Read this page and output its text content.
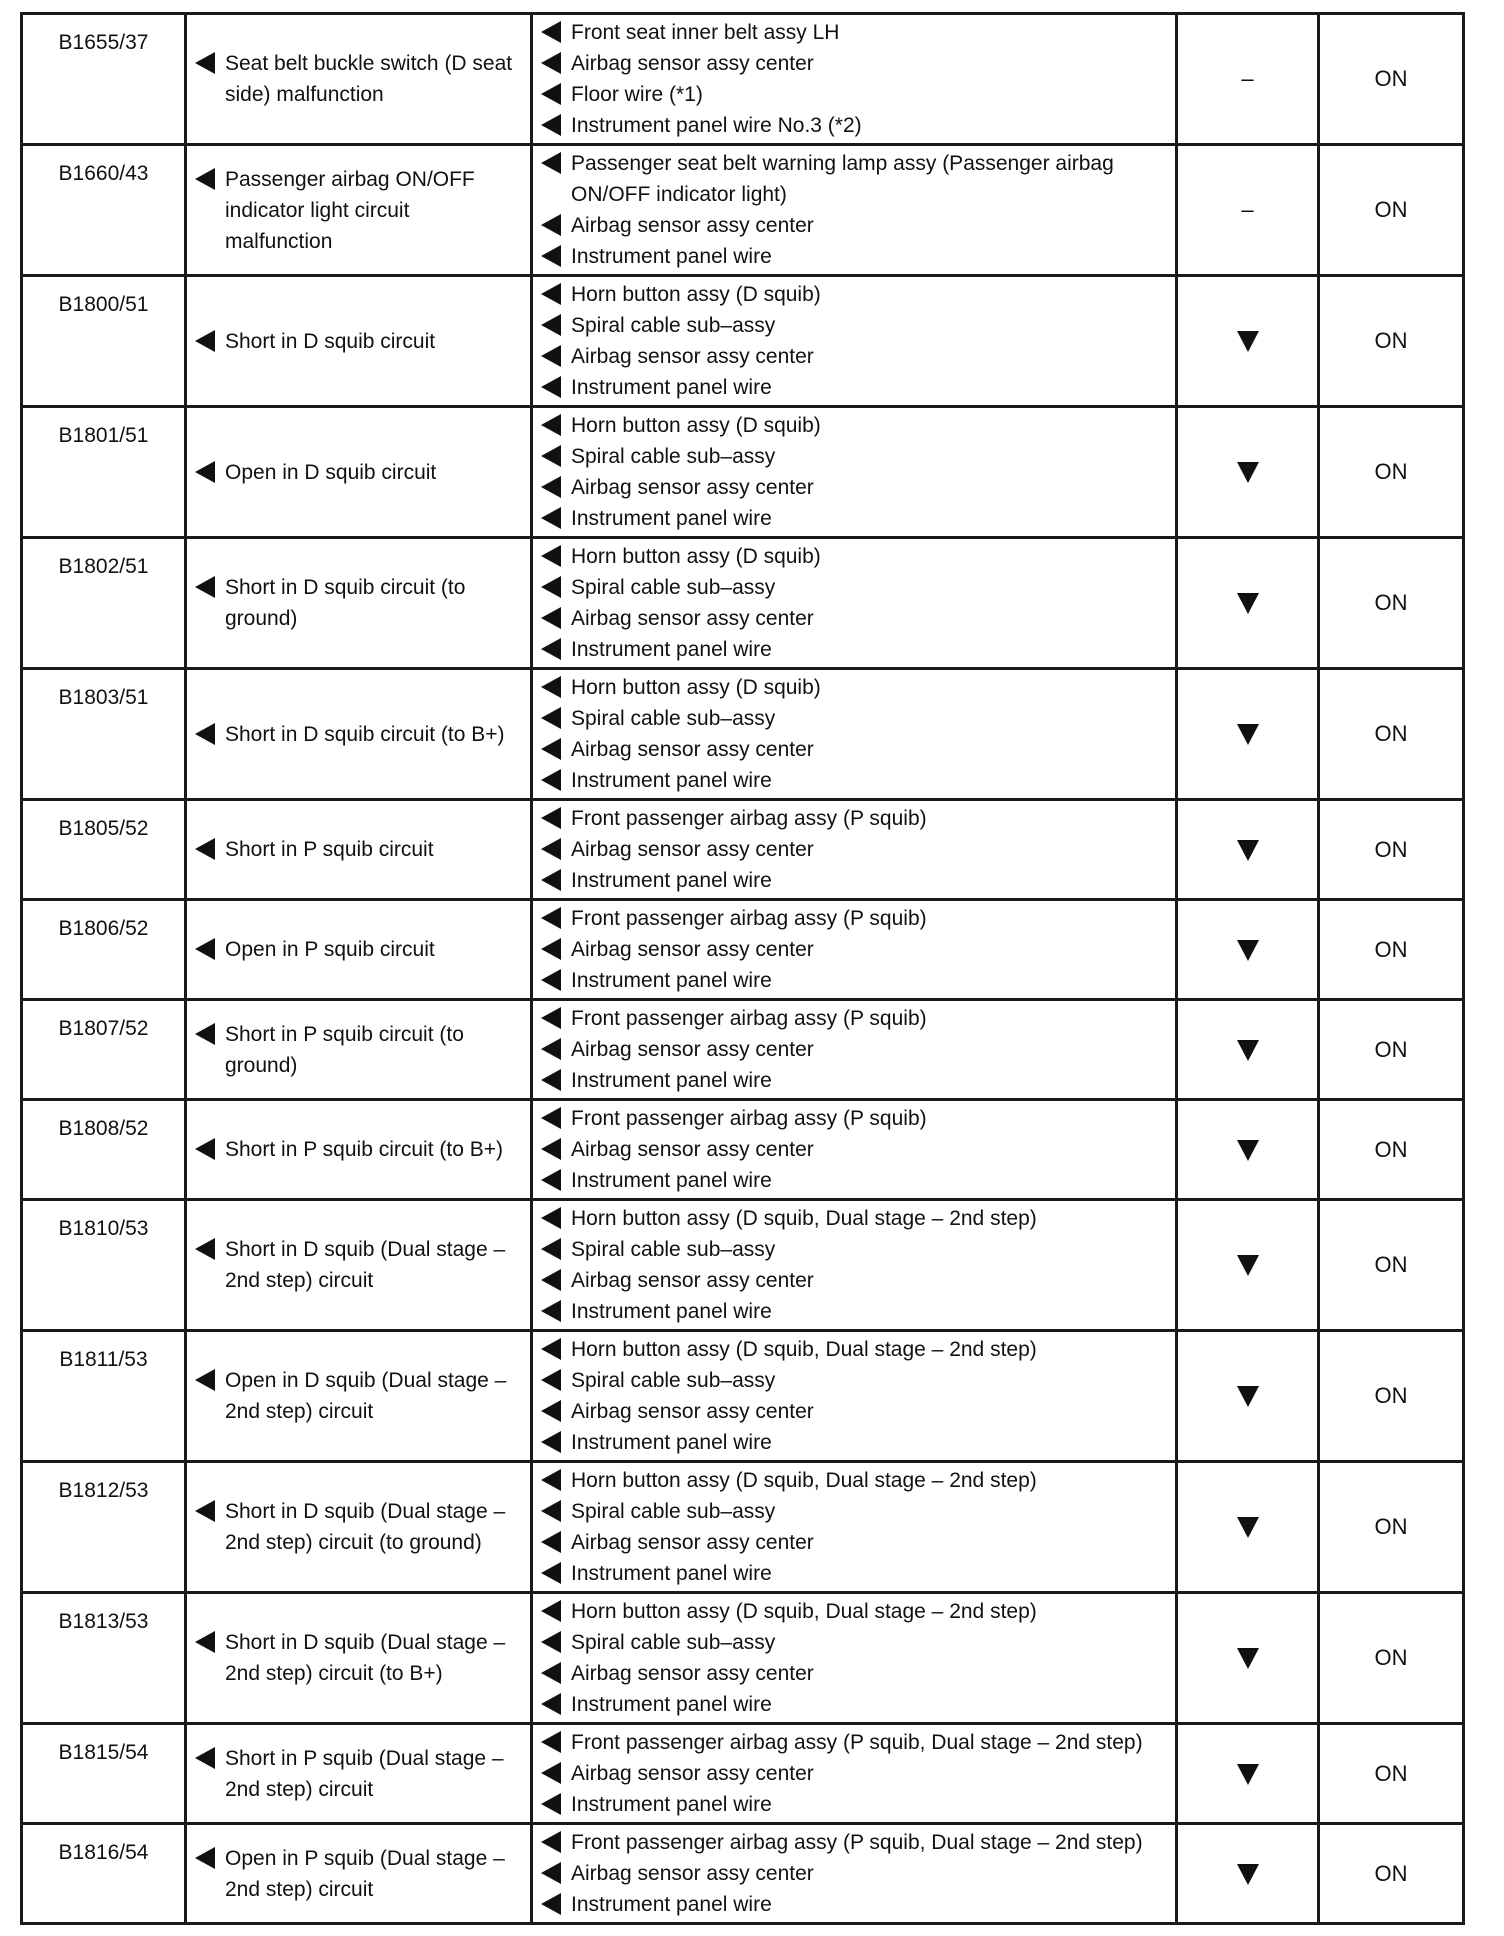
B1655/37	Seat belt buckle switch (D seat side) malfunction	Front seat inner belt assy LH
Airbag sensor assy center
Floor wire (*1)
Instrument panel wire No.3 (*2)	–	ON
B1660/43	Passenger airbag ON/OFF indicator light circuit malfunction	Passenger seat belt warning lamp assy (Passenger airbag ON/OFF indicator light)
Airbag sensor assy center
Instrument panel wire	–	ON
B1800/51	Short in D squib circuit	Horn button assy (D squib)
Spiral cable sub–assy
Airbag sensor assy center
Instrument panel wire		ON
B1801/51	Open in D squib circuit	Horn button assy (D squib)
Spiral cable sub–assy
Airbag sensor assy center
Instrument panel wire		ON
B1802/51	Short in D squib circuit (to ground)	Horn button assy (D squib)
Spiral cable sub–assy
Airbag sensor assy center
Instrument panel wire		ON
B1803/51	Short in D squib circuit (to B+)	Horn button assy (D squib)
Spiral cable sub–assy
Airbag sensor assy center
Instrument panel wire		ON
B1805/52	Short in P squib circuit	Front passenger airbag assy (P squib)
Airbag sensor assy center
Instrument panel wire		ON
B1806/52	Open in P squib circuit	Front passenger airbag assy (P squib)
Airbag sensor assy center
Instrument panel wire		ON
B1807/52	Short in P squib circuit (to ground)	Front passenger airbag assy (P squib)
Airbag sensor assy center
Instrument panel wire		ON
B1808/52	Short in P squib circuit (to B+)	Front passenger airbag assy (P squib)
Airbag sensor assy center
Instrument panel wire		ON
B1810/53	Short in D squib (Dual stage – 2nd step) circuit	Horn button assy (D squib, Dual stage – 2nd step)
Spiral cable sub–assy
Airbag sensor assy center
Instrument panel wire		ON
B1811/53	Open in D squib (Dual stage – 2nd step) circuit	Horn button assy (D squib, Dual stage – 2nd step)
Spiral cable sub–assy
Airbag sensor assy center
Instrument panel wire		ON
B1812/53	Short in D squib (Dual stage – 2nd step) circuit (to ground)	Horn button assy (D squib, Dual stage – 2nd step)
Spiral cable sub–assy
Airbag sensor assy center
Instrument panel wire		ON
B1813/53	Short in D squib (Dual stage – 2nd step) circuit (to B+)	Horn button assy (D squib, Dual stage – 2nd step)
Spiral cable sub–assy
Airbag sensor assy center
Instrument panel wire		ON
B1815/54	Short in P squib (Dual stage – 2nd step) circuit	Front passenger airbag assy (P squib, Dual stage – 2nd step)
Airbag sensor assy center
Instrument panel wire		ON
B1816/54	Open in P squib (Dual stage – 2nd step) circuit	Front passenger airbag assy (P squib, Dual stage – 2nd step)
Airbag sensor assy center
Instrument panel wire		ON
